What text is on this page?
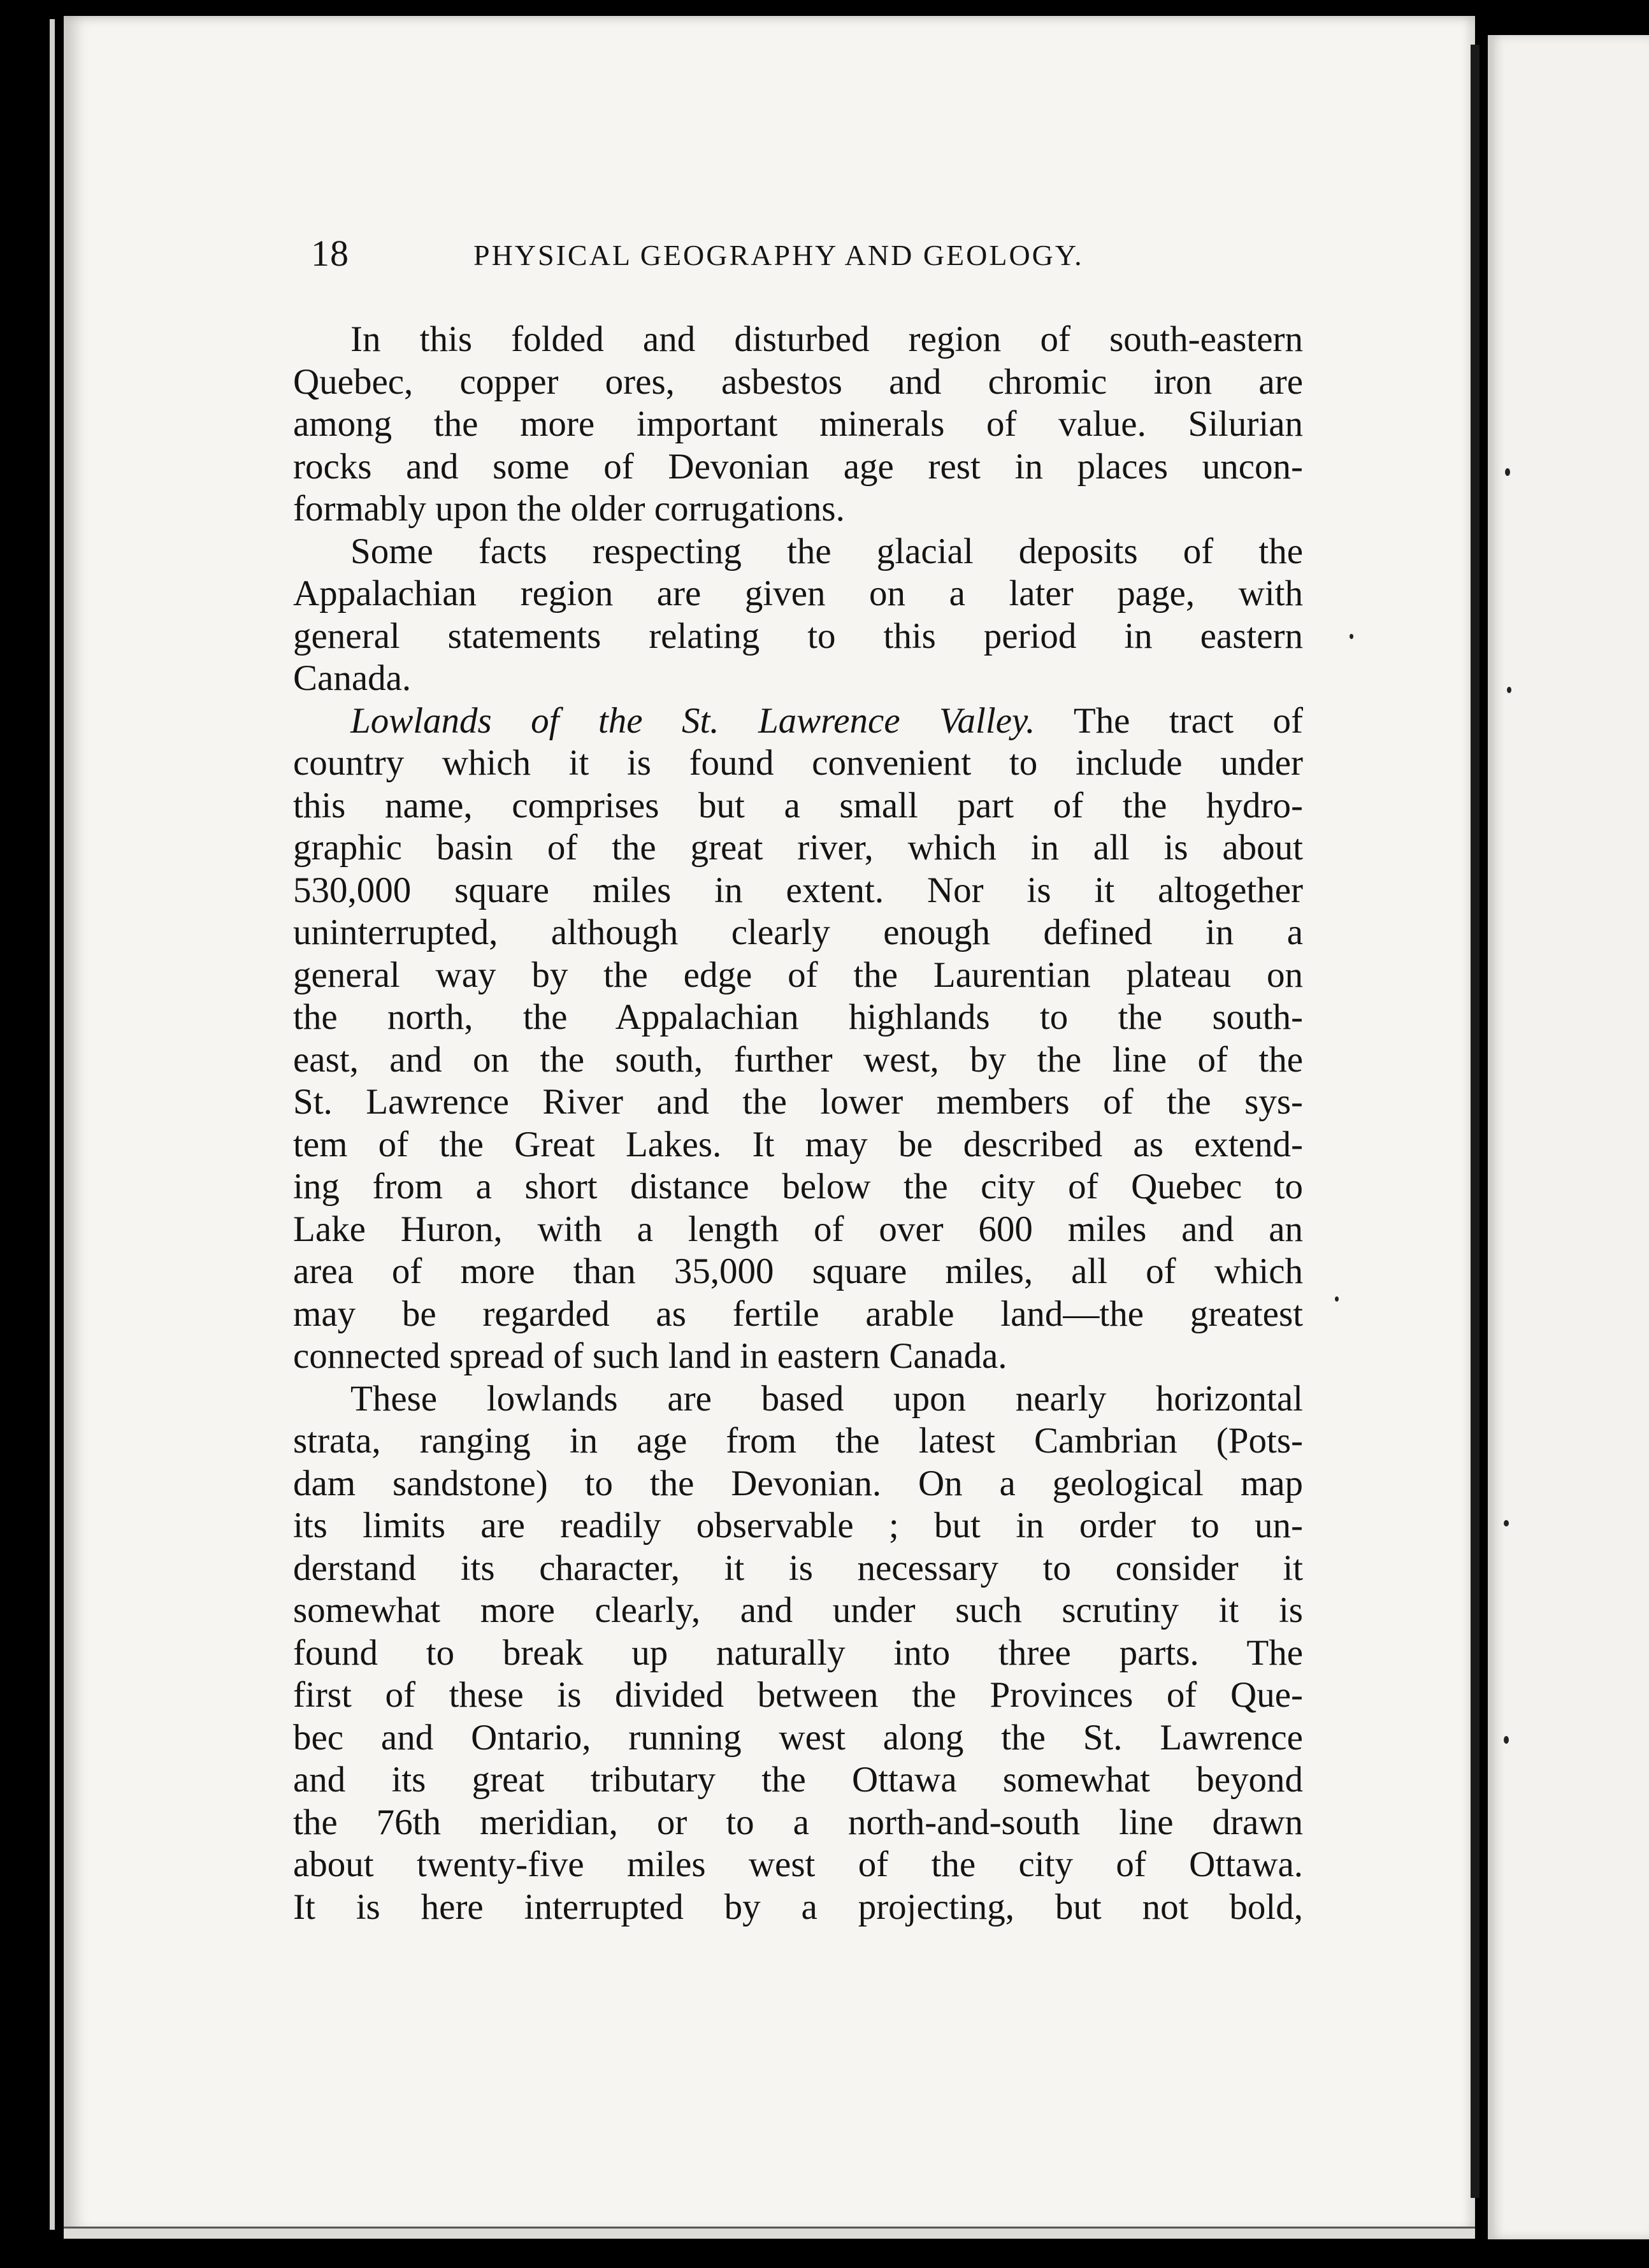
18	PHYSICAL GEOGRAPHY AND GEOLOGY.
In this folded and disturbed region of south-eastern
Quebec, copper ores, asbestos and chromic iron are
among the more important minerals of value. Silurian
rocks and some of Devonian age rest in places uncon-
formably upon the older corrugations.
Some facts respecting the glacial deposits of the
Appalachian region are given on a later page, with
general statements relating to this period in eastern
Canada.
Lowlands of the St. Lawrence Valley. The tract of
country which it is found convenient to include under
this name, comprises but a small part of the hydro-
graphic basin of the great river, which in all is about
530,000 square miles in extent. Nor is it altogether
uninterrupted, although clearly enough defined in a
general way by the edge of the Laurentian plateau on
the north, the Appalachian highlands to the south-
east, and on the south, further west, by the line of the
St. Lawrence River and the lower members of the sys-
tem of the Great Lakes. It may be described as extend-
ing from a short distance below the city of Quebec to
Lake Huron, with a length of over 600 miles and an
area of more than 35,000 square miles, all of which
may be regarded as fertile arable land—the greatest
connected spread of such land in eastern Canada.
These lowlands are based upon nearly horizontal
strata, ranging in age from the latest Cambrian (Pots-
dam sandstone) to the Devonian. On a geological map
its limits are readily observable ; but in order to un-
derstand its character, it is necessary to consider it
somewhat more clearly, and under such scrutiny it is
found to break up naturally into three parts. The
first of these is divided between the Provinces of Que-
bec and Ontario, running west along the St. Lawrence
and its great tributary the Ottawa somewhat beyond
the 76th meridian, or to a north-and-south line drawn
about twenty-five miles west of the city of Ottawa.
It is here interrupted by a projecting, but not bold,
